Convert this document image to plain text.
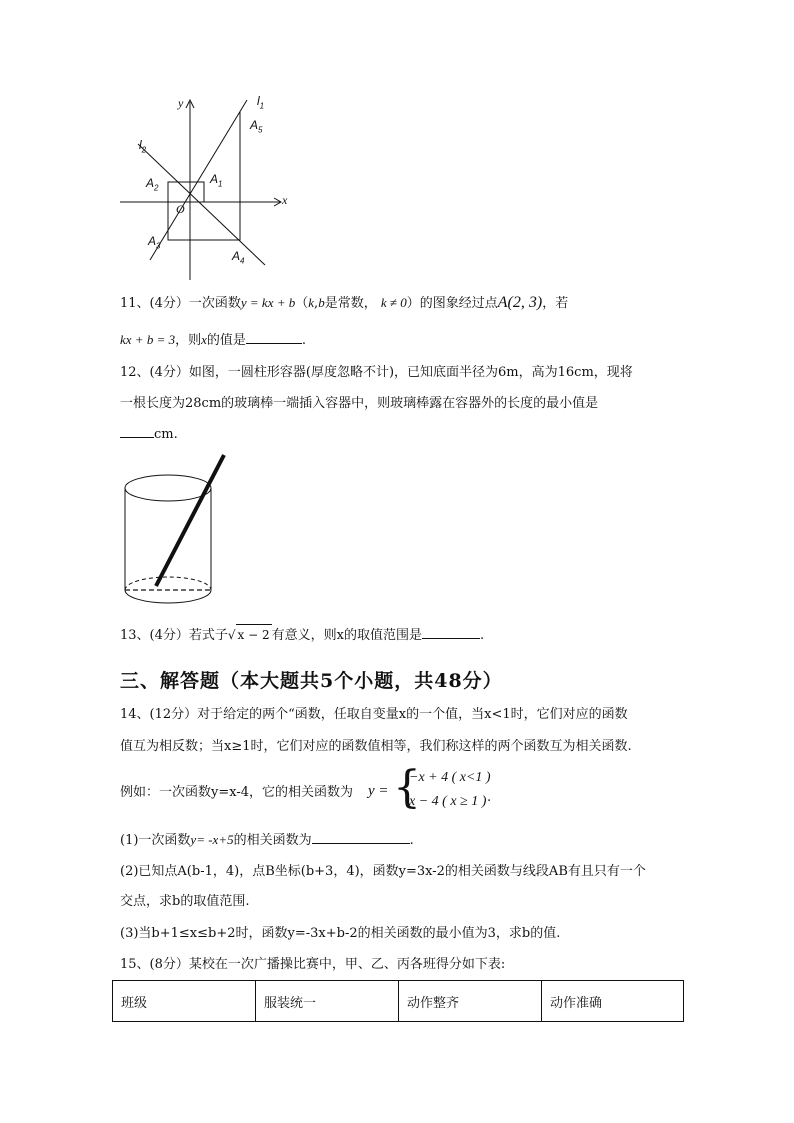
y
x
O
$l_1$
$l_2$
$A_1$
$A_2$
$A_3$
$A_4$
$A_5$
11、(4分）一次函数y = kx + b（k,b是常数， k ≠ 0）的图象经过点A(2, 3)，若
kx + b = 3，则x的值是	.
12、(4分）如图，一圆柱形容器(厚度忽略不计)，已知底面半径为6m，高为16cm，现将
一根长度为28cm的玻璃棒一端插入容器中，则玻璃棒露在容器外的长度的最小值是
cm.
13、(4分）若式子√ x − 2 有意义，则x的取值范围是	.
三、解答题（本大题共5个小题，共48分）
14、(12分）对于给定的两个“函数，任取自变量x的一个值，当x<1时，它们对应的函数
值互为相反数；当x≥1时，它们对应的函数值相等，我们称这样的两个函数互为相关函数.
例如：一次函数y=x-4，它的相关函数为 y = {
−x + 4 ( x<1 )
x − 4 ( x ≥ 1 ) .
(1)一次函数y= -x+5的相关函数为	.
(2)已知点A(b-1，4)，点B坐标(b+3，4)，函数y=3x-2的相关函数与线段AB有且只有一个
交点，求b的取值范围.
(3)当b+1≤x≤b+2时，函数y=-3x+b-2的相关函数的最小值为3，求b的值.
15、(8分）某校在一次广播操比赛中，甲、乙、丙各班得分如下表:
班级	服装统一	动作整齐	动作准确
